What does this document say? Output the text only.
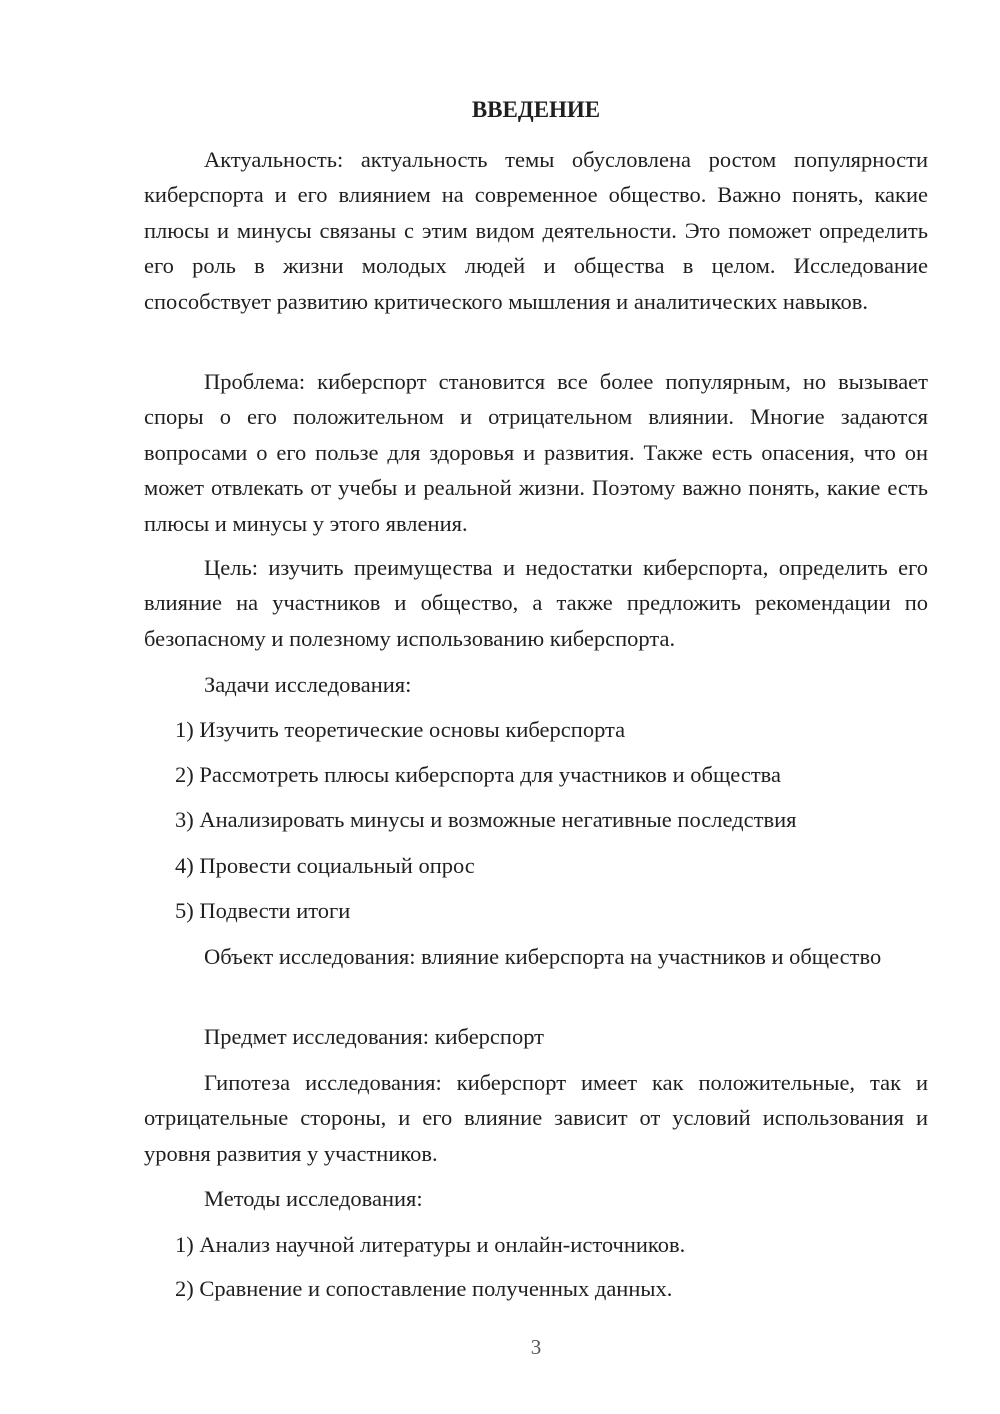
ВВЕДЕНИЕ

Актуальность: актуальность темы обусловлена ростом популярности киберспорта и его влиянием на современное общество. Важно понять, какие плюсы и минусы связаны с этим видом деятельности. Это поможет определить его роль в жизни молодых людей и общества в целом. Исследование способствует развитию критического мышления и аналитических навыков.

Проблема: киберспорт становится все более популярным, но вызывает споры о его положительном и отрицательном влиянии. Многие задаются вопросами о его пользе для здоровья и развития. Также есть опасения, что он может отвлекать от учебы и реальной жизни. Поэтому важно понять, какие есть плюсы и минусы у этого явления.

Цель: изучить преимущества и недостатки киберспорта, определить его влияние на участников и общество, а также предложить рекомендации по безопасному и полезному использованию киберспорта.

Задачи исследования:

1) Изучить теоретические основы киберспорта
2) Рассмотреть плюсы киберспорта для участников и общества
3) Анализировать минусы и возможные негативные последствия
4) Провести социальный опрос
5) Подвести итоги

Объект исследования: влияние киберспорта на участников и общество

Предмет исследования: киберспорт

Гипотеза исследования: киберспорт имеет как положительные, так и отрицательные стороны, и его влияние зависит от условий использования и уровня развития у участников.

Методы исследования:

1) Анализ научной литературы и онлайн-источников.
2) Сравнение и сопоставление полученных данных.
3
